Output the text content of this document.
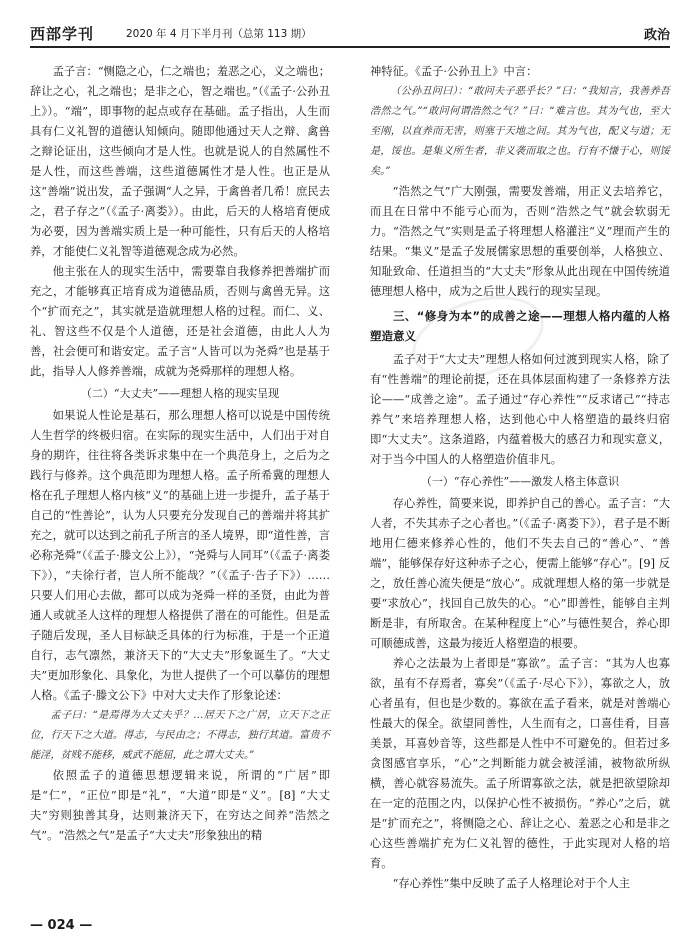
西部学刊	2020 年 4 月下半月刊（总第 113 期）	政治

孟子言：“恻隐之心，仁之端也；羞恶之心，义之端也；辞让之心，礼之端也；是非之心，智之端也。”（《孟子·公孙丑上》）。“端”，即事物的起点或存在基础。孟子指出，人生而具有仁义礼智的道德认知倾向。随即他通过天人之辩、禽兽之辩论证出，这些倾向才是人性。也就是说人的自然属性不是人性，而这些善端，这些道德属性才是人性。也正是从这“善端”说出发，孟子强调“人之异，于禽兽者几希！庶民去之，君子存之”（《孟子·离娄》）。由此，后天的人格培育便成为必要，因为善端实质上是一种可能性，只有后天的人格培养，才能使仁义礼智等道德观念成为必然。

他主张在人的现实生活中，需要靠自我修养把善端扩而充之，才能够真正培育成为道德品质，否则与禽兽无异。这个“扩而充之”，其实就是造就理想人格的过程。而仁、义、礼、智这些不仅是个人道德，还是社会道德，由此人人为善，社会便可和谐安定。孟子言“人皆可以为尧舜”也是基于此，指导人人修养善端，成就为尧舜那样的理想人格。

（二）“大丈夫”——理想人格的现实呈现

如果说人性论是基石，那么理想人格可以说是中国传统人生哲学的终极归宿。在实际的现实生活中，人们出于对自身的期许，往往将各类诉求集中在一个典范身上，之后为之践行与修养。这个典范即为理想人格。孟子所希冀的理想人格在孔子理想人格内核“义”的基础上进一步提升，孟子基于自己的“性善论”，认为人只要充分发现自己的善端并将其扩充之，就可以达到之前孔子所言的圣人境界，即“道性善，言必称尧舜”（《孟子·滕文公上》），“尧舜与人同耳”（《孟子·离娄下》），“夫徐行者，岂人所不能哉？”（《孟子·告子下》）……只要人们用心去做，都可以成为尧舜一样的圣贤，由此为普通人或就圣人这样的理想人格提供了潜在的可能性。但是孟子随后发现，圣人目标缺乏具体的行为标准，于是一个正道自行，志气凛然，兼济天下的“大丈夫”形象诞生了。“大丈夫”更加形象化、具象化，为世人提供了一个可以摹仿的理想人格。《孟子·滕文公下》中对大丈夫作了形象论述：

孟子曰：“是焉得为大丈夫乎？…居天下之广居，立天下之正位，行天下之大道。得志，与民由之；不得志，独行其道。富贵不能淫，贫贱不能移，威武不能屈，此之谓大丈夫。”

依照孟子的道德思想逻辑来说，所谓的“广居”即是“仁”，“正位”即是“礼”，“大道”即是“义”。[8] “大丈夫”穷则独善其身，达则兼济天下，在穷达之间养“浩然之气”。“浩然之气”是孟子“大丈夫”形象独出的精

神特征。《孟子·公孙丑上》中言：

（公孙丑问曰）：“敢问夫子恶乎长？”曰：“我知言，我善养吾浩然之气。”“敢问何谓浩然之气？”曰：“难言也。其为气也，至大至刚，以直养而无害，则塞于天地之间。其为气也，配义与道；无是，馁也。是集义所生者，非义袭而取之也。行有不慊于心，则馁矣。”

“浩然之气”广大刚强，需要发善端，用正义去培养它，而且在日常中不能亏心而为，否则“浩然之气”就会软弱无力。“浩然之气”实则是孟子将理想人格灌注“义”理而产生的结果。“集义”是孟子发展儒家思想的重要创举，人格独立、知耻致命、任道担当的“大丈夫”形象从此出现在中国传统道德理想人格中，成为之后世人践行的现实呈现。

三、“修身为本”的成善之途——理想人格内蕴的人格塑造意义

孟子对于“大丈夫”理想人格如何过渡到现实人格，除了有“性善端”的理论前提，还在具体层面构建了一条修养方法论——“成善之途”。孟子通过“存心养性”“反求诸己”“持志养气”来培养理想人格，达到他心中人格塑造的最终归宿即“大丈夫”。这条道路，内蕴着极大的感召力和现实意义，对于当今中国人的人格塑造价值非凡。

（一）“存心养性”——激发人格主体意识

存心养性，简要来说，即养护自己的善心。孟子言：“大人者，不失其赤子之心者也。”（《孟子·离娄下》），君子是不断地用仁德来修养心性的，他们不失去自己的“善心”、“善端”，能够保存好这种赤子之心，便需上能够“存心”。[9] 反之，放任善心流失便是“放心”。成就理想人格的第一步就是要“求放心”，找回自己放失的心。“心”即善性，能够自主判断是非，有所取舍。在某种程度上“心”与德性契合，养心即可顺德成善，这最为接近人格塑造的根要。

养心之法最为上者即是“寡欲”。孟子言：“其为人也寡欲，虽有不存焉者，寡矣”（《孟子·尽心下》），寡欲之人，放心者虽有，但也是少数的。寡欲在孟子看来，就是对善端心性最大的保全。欲望同善性，人生而有之，口喜佳肴，目喜美景，耳喜妙音等，这些都是人性中不可避免的。但若过多贪图感官享乐，“心”之判断能力就会被淫浦，被物欲所纵横，善心就容易流失。孟子所谓寡欲之法，就是把欲望除却在一定的范围之内，以保护心性不被损伤。“养心”之后，就是“扩而充之”，将恻隐之心、辞让之心、羞恶之心和是非之心这些善端扩充为仁义礼智的德性，于此实现对人格的培育。

“存心养性”集中反映了孟子人格理论对于个人主

— 024 —
